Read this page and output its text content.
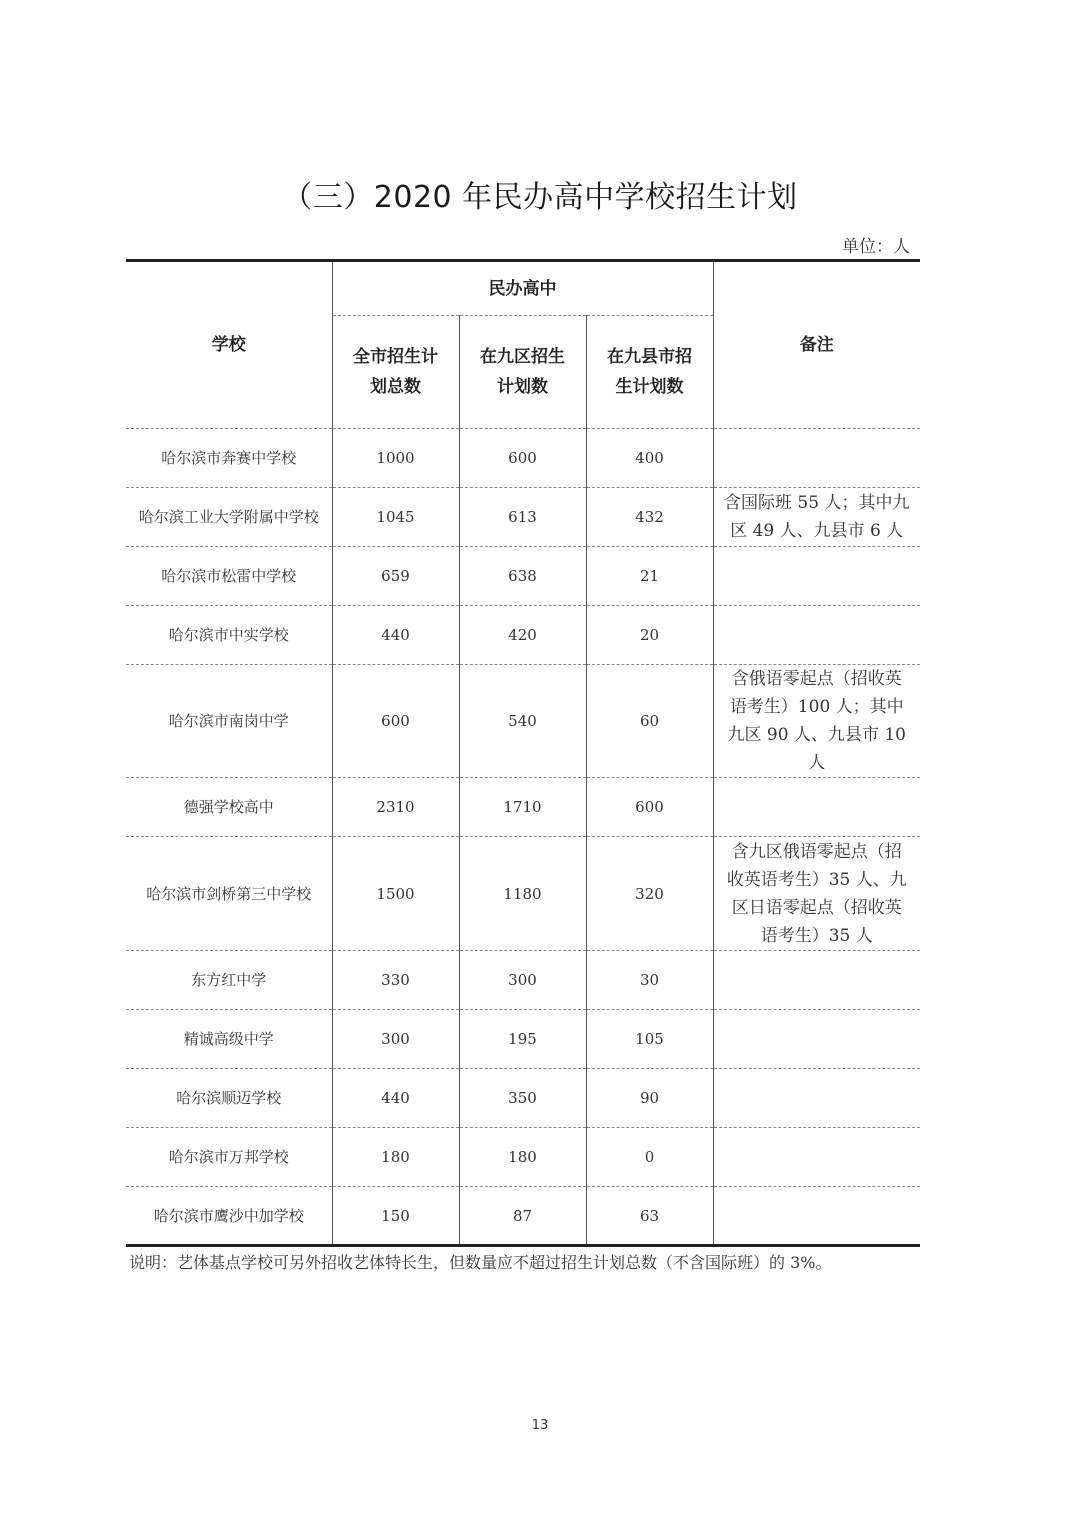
（三）2020 年民办高中学校招生计划
单位：人
学校	民办高中			备注
	全市招生计划总数	在九区招生计划数	在九县市招生计划数	
哈尔滨市奔赛中学校	1000	600	400	
哈尔滨工业大学附属中学校	1045	613	432	含国际班 55 人；其中九区 49 人、九县市 6 人
哈尔滨市松雷中学校	659	638	21	
哈尔滨市中实学校	440	420	20	
哈尔滨市南岗中学	600	540	60	含俄语零起点（招收英语考生）100 人；其中九区 90 人、九县市 10 人
德强学校高中	2310	1710	600	
哈尔滨市剑桥第三中学校	1500	1180	320	含九区俄语零起点（招收英语考生）35 人、九区日语零起点（招收英语考生）35 人
东方红中学	330	300	30	
精诚高级中学	300	195	105	
哈尔滨顺迈学校	440	350	90	
哈尔滨市万邦学校	180	180	0	
哈尔滨市鹰沙中加学校	150	87	63	
说明：艺体基点学校可另外招收艺体特长生，但数量应不超过招生计划总数（不含国际班）的 3%。
13
